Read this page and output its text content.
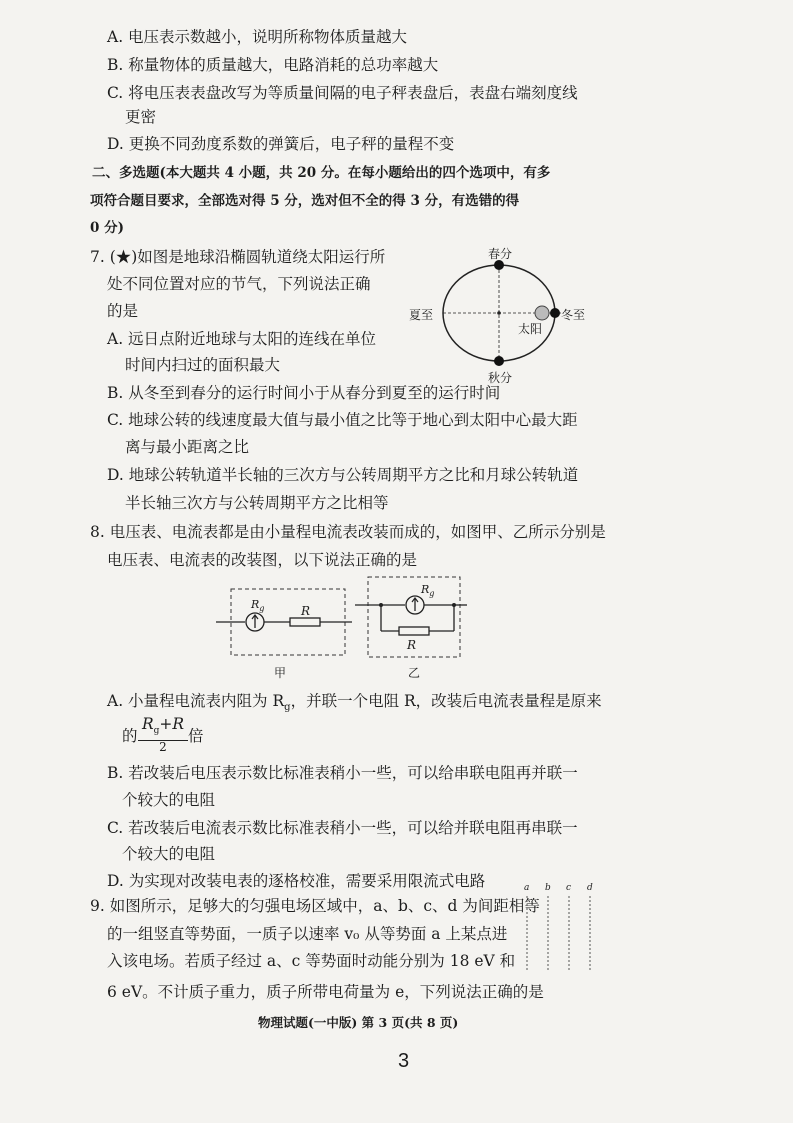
A. 电压表示数越小，说明所称物体质量越大
B. 称量物体的质量越大，电路消耗的总功率越大
C. 将电压表表盘改写为等质量间隔的电子秤表盘后，表盘右端刻度线
更密
D. 更换不同劲度系数的弹簧后，电子秤的量程不变
二、多选题(本大题共 4 小题，共 20 分。在每小题给出的四个选项中，有多
项符合题目要求，全部选对得 5 分，选对但不全的得 3 分，有选错的得
0 分)
7. (★)如图是地球沿椭圆轨道绕太阳运行所
处不同位置对应的节气，下列说法正确
的是
A. 远日点附近地球与太阳的连线在单位
时间内扫过的面积最大
B. 从冬至到春分的运行时间小于从春分到夏至的运行时间
C. 地球公转的线速度最大值与最小值之比等于地心到太阳中心最大距
离与最小距离之比
D. 地球公转轨道半长轴的三次方与公转周期平方之比和月球公转轨道
半长轴三次方与公转周期平方之比相等
春分
夏至	冬至
太阳
秋分
8. 电压表、电流表都是由小量程电流表改装而成的，如图甲、乙所示分别是
电压表、电流表的改装图，以下说法正确的是
$R_g$	R
甲
$R_g$
R
乙
A. 小量程电流表内阻为 $R_g$，并联一个电阻 R，改装后电流表量程是原来
的
$R_g+R$
2
倍
B. 若改装后电压表示数比标准表稍小一些，可以给串联电阻再并联一
个较大的电阻
C. 若改装后电流表示数比标准表稍小一些，可以给并联电阻再串联一
个较大的电阻
D. 为实现对改装电表的逐格校准，需要采用限流式电路
9. 如图所示，足够大的匀强电场区域中，a、b、c、d 为间距相等
的一组竖直等势面，一质子以速率 v₀ 从等势面 a 上某点进
入该电场。若质子经过 a、c 等势面时动能分别为 18 eV 和
6 eV。不计质子重力，质子所带电荷量为 e，下列说法正确的是
a b c d
物理试题(一中版) 第 3 页(共 8 页)
3
